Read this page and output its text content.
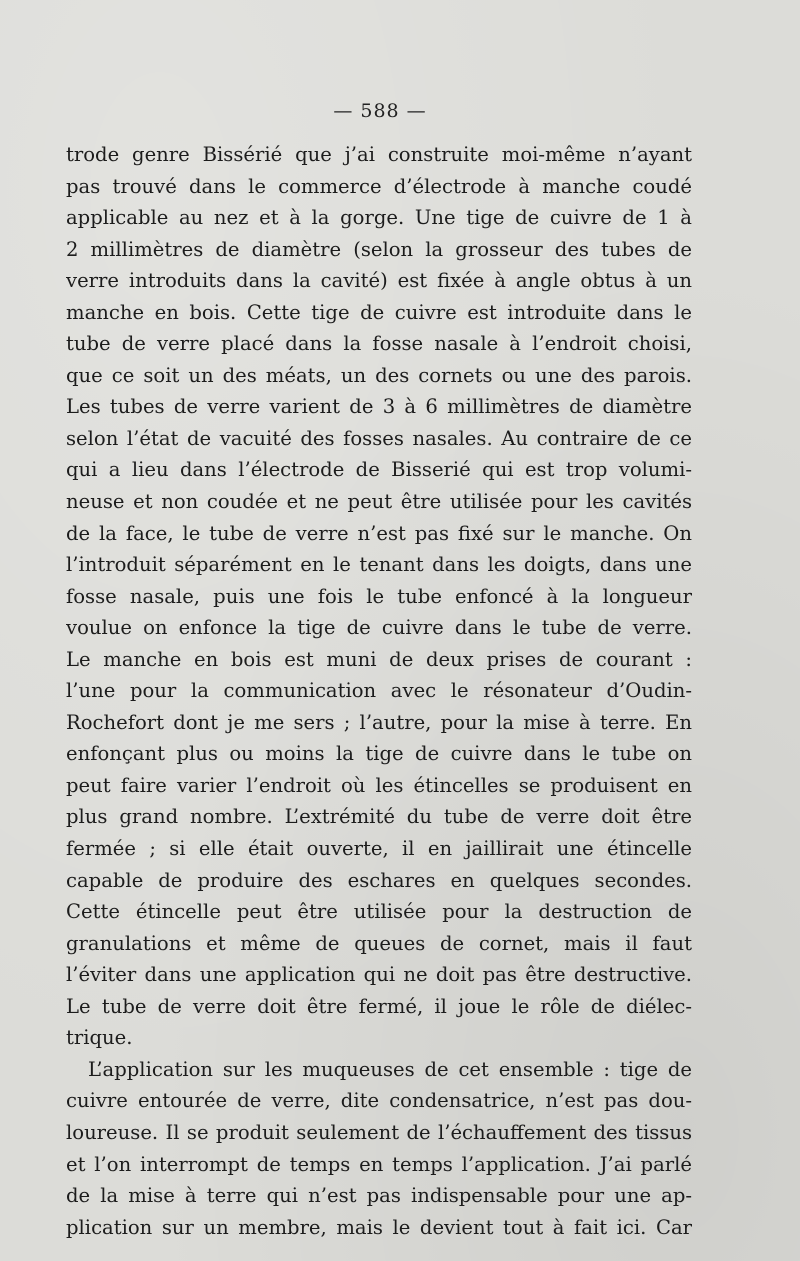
— 588 —
trode genre Bissérié que j’ai construite moi-même n’ayant
pas trouvé dans le commerce d’électrode à manche coudé
applicable au nez et à la gorge. Une tige de cuivre de 1 à
2 millimètres de diamètre (selon la grosseur des tubes de
verre introduits dans la cavité) est fixée à angle obtus à un
manche en bois. Cette tige de cuivre est introduite dans le
tube de verre placé dans la fosse nasale à l’endroit choisi,
que ce soit un des méats, un des cornets ou une des parois.
Les tubes de verre varient de 3 à 6 millimètres de diamètre
selon l’état de vacuité des fosses nasales. Au contraire de ce
qui a lieu dans l’électrode de Bisserié qui est trop volumi-
neuse et non coudée et ne peut être utilisée pour les cavités
de la face, le tube de verre n’est pas fixé sur le manche. On
l’introduit séparément en le tenant dans les doigts, dans une
fosse nasale, puis une fois le tube enfoncé à la longueur
voulue on enfonce la tige de cuivre dans le tube de verre.
Le manche en bois est muni de deux prises de courant :
l’une pour la communication avec le résonateur d’Oudin-
Rochefort dont je me sers ; l’autre, pour la mise à terre. En
enfonçant plus ou moins la tige de cuivre dans le tube on
peut faire varier l’endroit où les étincelles se produisent en
plus grand nombre. L’extrémité du tube de verre doit être
fermée ; si elle était ouverte, il en jaillirait une étincelle
capable de produire des eschares en quelques secondes.
Cette étincelle peut être utilisée pour la destruction de
granulations et même de queues de cornet, mais il faut
l’éviter dans une application qui ne doit pas être destructive.
Le tube de verre doit être fermé, il joue le rôle de diélec-
trique.
L’application sur les muqueuses de cet ensemble : tige de
cuivre entourée de verre, dite condensatrice, n’est pas dou-
loureuse. Il se produit seulement de l’échauffement des tissus
et l’on interrompt de temps en temps l’application. J’ai parlé
de la mise à terre qui n’est pas indispensable pour une ap-
plication sur un membre, mais le devient tout à fait ici. Car
